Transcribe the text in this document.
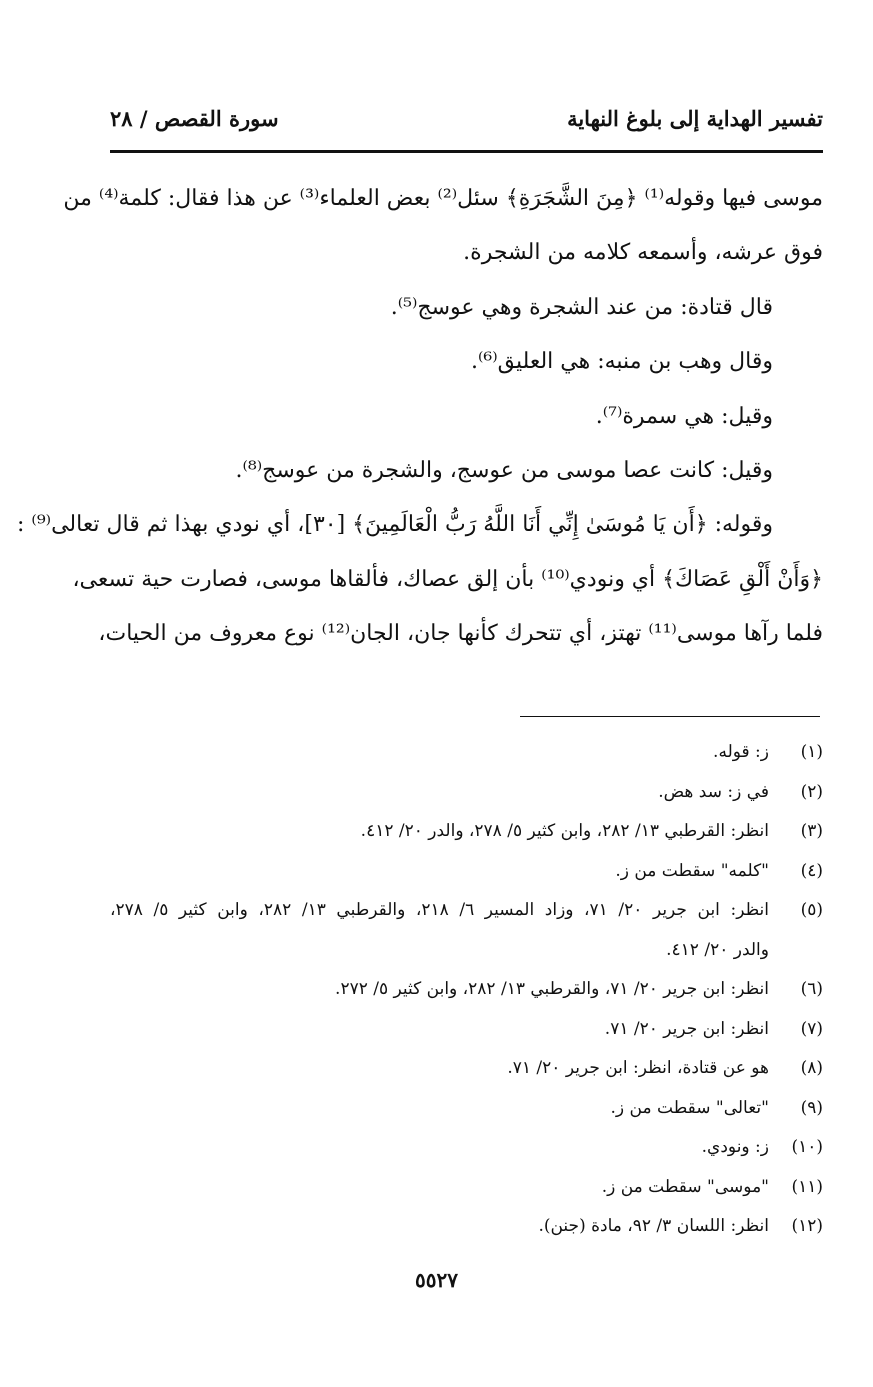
تفسير الهداية إلى بلوغ النهاية
سورة القصص / ٢٨
موسى فيها وقوله⁽¹⁾ ﴿مِنَ الشَّجَرَةِ﴾ سئل⁽²⁾ بعض العلماء⁽³⁾ عن هذا فقال: كلمة⁽⁴⁾ من
فوق عرشه، وأسمعه كلامه من الشجرة.
قال قتادة: من عند الشجرة وهي عوسج⁽⁵⁾.
وقال وهب بن منبه: هي العليق⁽⁶⁾.
وقيل: هي سمرة⁽⁷⁾.
وقيل: كانت عصا موسى من عوسج، والشجرة من عوسج⁽⁸⁾.
وقوله: ﴿أَن يَا مُوسَىٰ إِنِّي أَنَا اللَّهُ رَبُّ الْعَالَمِينَ﴾ [٣٠]، أي نودي بهذا ثم قال تعالى⁽⁹⁾ :
﴿وَأَنْ أَلْقِ عَصَاكَ﴾ أي ونودي⁽¹⁰⁾ بأن إلق عصاك، فألقاها موسى، فصارت حية تسعى،
فلما رآها موسى⁽¹¹⁾ تهتز، أي تتحرك كأنها جان، الجان⁽¹²⁾ نوع معروف من الحيات،
(١)
ز: قوله.
(٢)
في ز: سد هض.
(٣)
انظر: القرطبي ١٣/ ٢٨٢، وابن كثير ٥/ ٢٧٨، والدر ٢٠/ ٤١٢.
(٤)
"كلمه" سقطت من ز.
(٥)
انظر: ابن جرير ٢٠/ ٧١، وزاد المسير ٦/ ٢١٨، والقرطبي ١٣/ ٢٨٢، وابن كثير ٥/ ٢٧٨،
والدر ٢٠/ ٤١٢.
(٦)
انظر: ابن جرير ٢٠/ ٧١، والقرطبي ١٣/ ٢٨٢، وابن كثير ٥/ ٢٧٢.
(٧)
انظر: ابن جرير ٢٠/ ٧١.
(٨)
هو عن قتادة، انظر: ابن جرير ٢٠/ ٧١.
(٩)
"تعالى" سقطت من ز.
(١٠)
ز: ونودي.
(١١)
"موسى" سقطت من ز.
(١٢)
انظر: اللسان ٣/ ٩٢، مادة (جنن).
٥٥٢٧
